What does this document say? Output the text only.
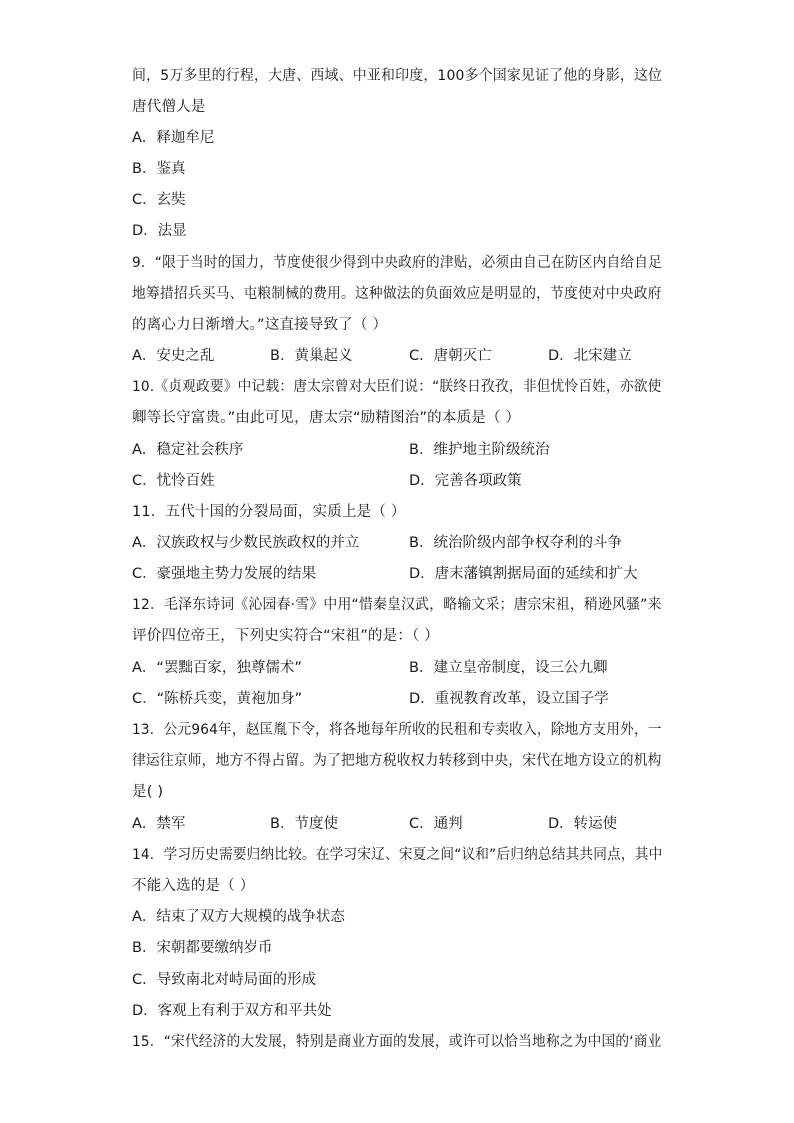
间，5万多里的行程，大唐、西域、中亚和印度，100多个国家见证了他的身影，这位
唐代僧人是
A．释迦牟尼
B．鉴真
C．玄奘
D．法显
9．“限于当时的国力，节度使很少得到中央政府的津贴，必须由自己在防区内自给自足
地筹措招兵买马、屯粮制械的费用。这种做法的负面效应是明显的，节度使对中央政府
的离心力日渐增大。”这直接导致了（ ）
A．安史之乱	B．黄巢起义	C．唐朝灭亡	D．北宋建立
10.《贞观政要》中记载：唐太宗曾对大臣们说：“朕终日孜孜，非但忧怜百姓，亦欲使
卿等长守富贵。”由此可见，唐太宗“励精图治”的本质是（ ）
A．稳定社会秩序	B．维护地主阶级统治
C．忧怜百姓	D．完善各项政策
11．五代十国的分裂局面，实质上是（ ）
A．汉族政权与少数民族政权的并立	B．统治阶级内部争权夺利的斗争
C．豪强地主势力发展的结果	D．唐末藩镇割据局面的延续和扩大
12．毛泽东诗词《沁园春·雪》中用“惜秦皇汉武，略输文采；唐宗宋祖，稍逊风骚”来
评价四位帝王，下列史实符合“宋祖”的是：（ ）
A．“罢黜百家，独尊儒术”	B．建立皇帝制度，设三公九卿
C．“陈桥兵变，黄袍加身”	D．重视教育改革，设立国子学
13．公元964年，赵匡胤下令，将各地每年所收的民租和专卖收入，除地方支用外，一
律运往京师，地方不得占留。为了把地方税收权力转移到中央，宋代在地方设立的机构
是( )
A．禁军	B．节度使	C．通判	D．转运使
14．学习历史需要归纳比较。在学习宋辽、宋夏之间“议和”后归纳总结其共同点，其中
不能入选的是（ ）
A．结束了双方大规模的战争状态
B．宋朝都要缴纳岁币
C．导致南北对峙局面的形成
D．客观上有利于双方和平共处
15．“宋代经济的大发展，特别是商业方面的发展，或许可以恰当地称之为中国的‘商业
